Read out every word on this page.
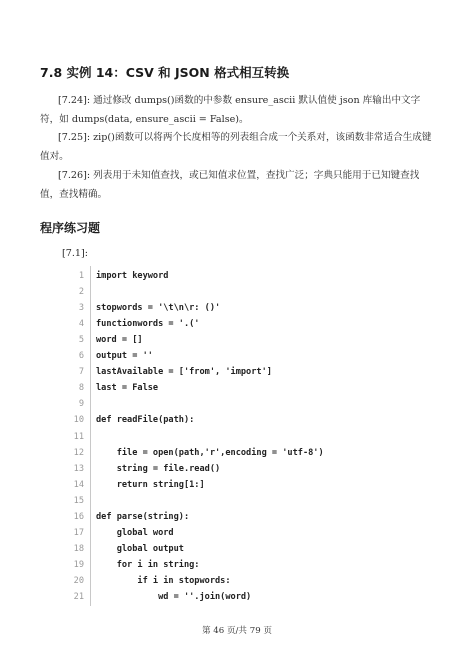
7.8 实例 14：CSV 和 JSON 格式相互转换
[7.24]: 通过修改 dumps()函数的中参数 ensure_ascii 默认值使 json 库输出中文字符，如 dumps(data, ensure_ascii = False)。
[7.25]: zip()函数可以将两个长度相等的列表组合成一个关系对，该函数非常适合生成键值对。
[7.26]: 列表用于未知值查找，或已知值求位置，查找广泛；字典只能用于已知键查找值，查找精确。
程序练习题
[7.1]:
1 import keyword
2
3 stopwords = '\t\n\r: ()'
4 functionwords = '.('
5 word = []
6 output = ''
7 lastAvailable = ['from', 'import']
8 last = False
9
10 def readFile(path):
11
12 file = open(path,'r',encoding = 'utf-8')
13 string = file.read()
14 return string[1:]
15
16 def parse(string):
17 global word
18 global output
19 for i in string:
20 if i in stopwords:
21 wd = ''.join(word)
第 46 页/共 79 页
